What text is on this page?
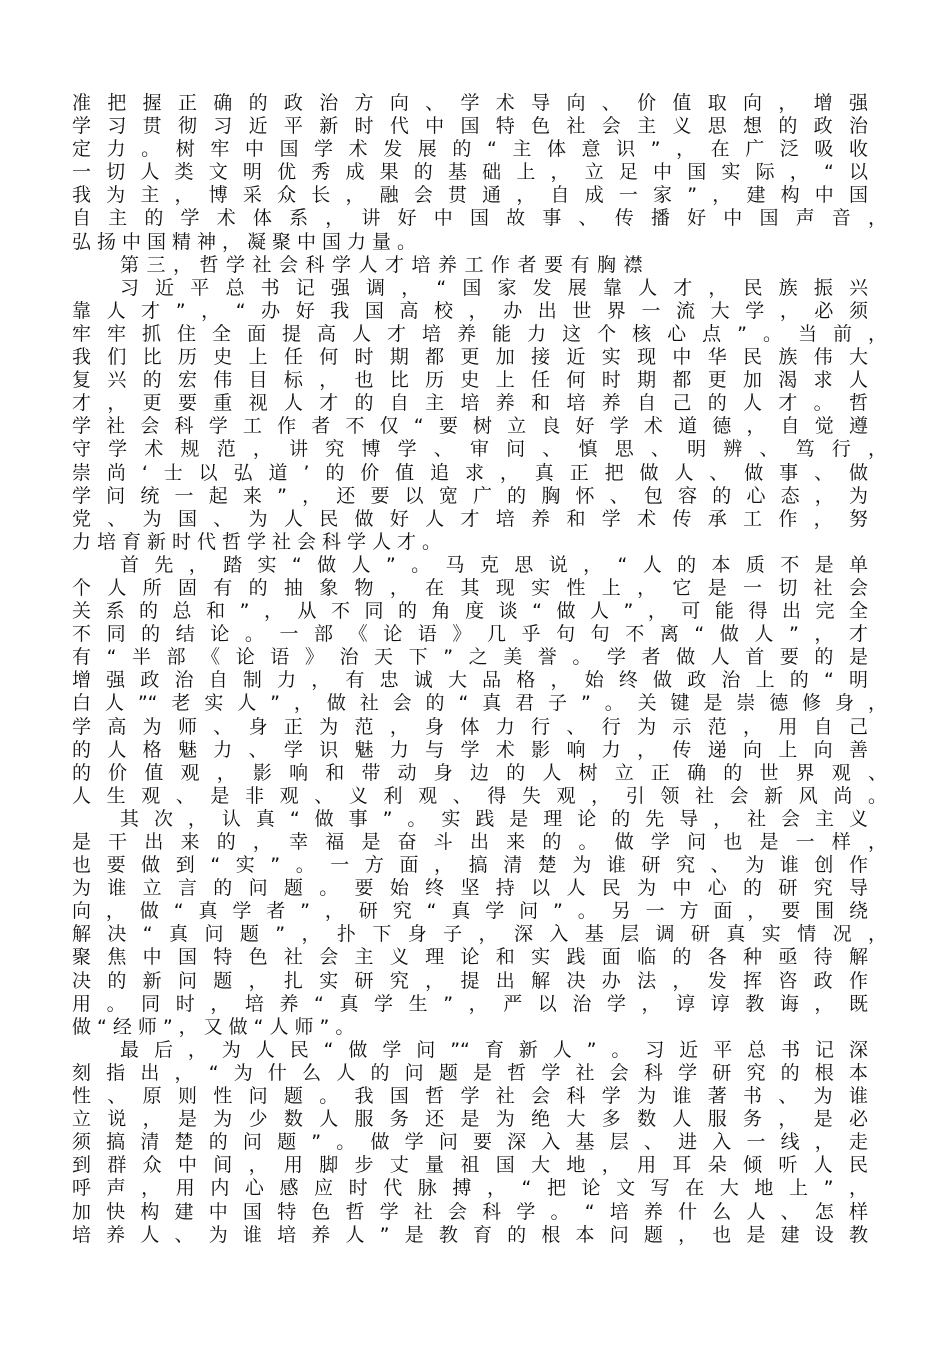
准把握正确的政治方向、学术导向、价值取向，增强
学习贯彻习近平新时代中国特色社会主义思想的政治
定力。树牢中国学术发展的“主体意识”，在广泛吸收
一切人类文明优秀成果的基础上，立足中国实际，“以
我为主，博采众长，融会贯通，自成一家”，建构中国
自主的学术体系，讲好中国故事、传播好中国声音，
弘扬中国精神，凝聚中国力量。
第三，哲学社会科学人才培养工作者要有胸襟
习近平总书记强调，“国家发展靠人才，民族振兴
靠人才”，“办好我国高校，办出世界一流大学，必须
牢牢抓住全面提高人才培养能力这个核心点”。当前，
我们比历史上任何时期都更加接近实现中华民族伟大
复兴的宏伟目标，也比历史上任何时期都更加渴求人
才，更要重视人才的自主培养和培养自己的人才。哲
学社会科学工作者不仅“要树立良好学术道德，自觉遵
守学术规范，讲究博学、审问、慎思、明辨、笃行，
崇尚‘士以弘道’的价值追求，真正把做人、做事、做
学问统一起来”，还要以宽广的胸怀、包容的心态，为
党、为国、为人民做好人才培养和学术传承工作，努
力培育新时代哲学社会科学人才。
首先，踏实“做人”。马克思说，“人的本质不是单
个人所固有的抽象物，在其现实性上，它是一切社会
关系的总和”，从不同的角度谈“做人”，可能得出完全
不同的结论。一部《论语》几乎句句不离“做人”，才
有“半部《论语》治天下”之美誉。学者做人首要的是
增强政治自制力，有忠诚大品格，始终做政治上的“明
白人”“老实人”，做社会的“真君子”。关键是崇德修身，
学高为师、身正为范，身体力行、行为示范，用自己
的人格魅力、学识魅力与学术影响力，传递向上向善
的价值观，影响和带动身边的人树立正确的世界观、
人生观、是非观、义利观、得失观，引领社会新风尚。
其次，认真“做事”。实践是理论的先导，社会主义
是干出来的，幸福是奋斗出来的。做学问也是一样，
也要做到“实”。一方面，搞清楚为谁研究、为谁创作
为谁立言的问题。要始终坚持以人民为中心的研究导
向，做“真学者”，研究“真学问”。另一方面，要围绕
解决“真问题”，扑下身子，深入基层调研真实情况，
聚焦中国特色社会主义理论和实践面临的各种亟待解
决的新问题，扎实研究，提出解决办法，发挥咨政作
用。同时，培养“真学生”，严以治学，谆谆教诲，既
做“经师”，又做“人师”。
最后，为人民“做学问”“育新人”。习近平总书记深
刻指出，“为什么人的问题是哲学社会科学研究的根本
性、原则性问题。我国哲学社会科学为谁著书、为谁
立说，是为少数人服务还是为绝大多数人服务，是必
须搞清楚的问题”。做学问要深入基层、进入一线，走
到群众中间，用脚步丈量祖国大地，用耳朵倾听人民
呼声，用内心感应时代脉搏，“把论文写在大地上”，
加快构建中国特色哲学社会科学。“培养什么人、怎样
培养人、为谁培养人”是教育的根本问题，也是建设教
